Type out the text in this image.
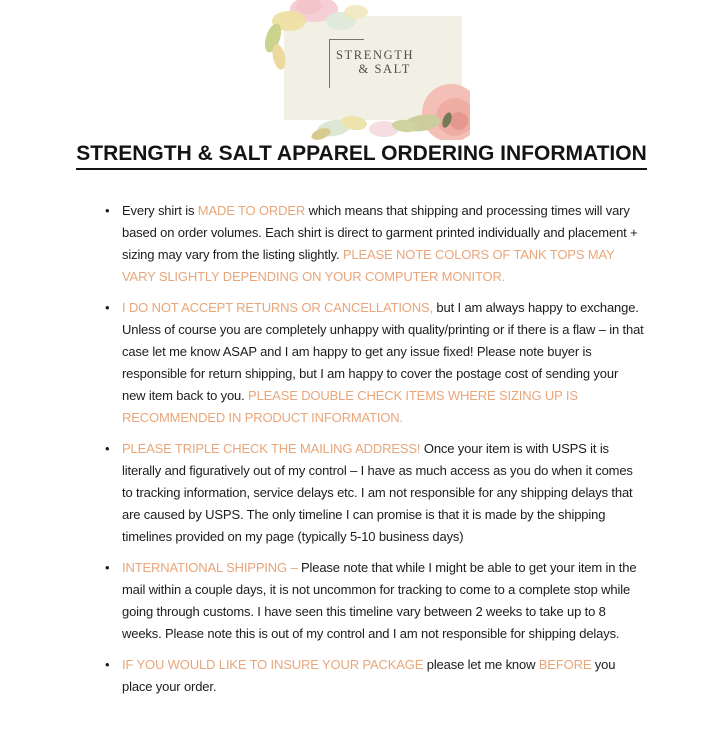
STRENGTH
& SALT
STRENGTH & SALT APPAREL ORDERING INFORMATION
• Every shirt is MADE TO ORDER which means that shipping and processing times will vary based on order volumes. Each shirt is direct to garment printed individually and placement + sizing may vary from the listing slightly. PLEASE NOTE COLORS OF TANK TOPS MAY VARY SLIGHTLY DEPENDING ON YOUR COMPUTER MONITOR.
• I DO NOT ACCEPT RETURNS OR CANCELLATIONS, but I am always happy to exchange. Unless of course you are completely unhappy with quality/printing or if there is a flaw – in that case let me know ASAP and I am happy to get any issue fixed! Please note buyer is responsible for return shipping, but I am happy to cover the postage cost of sending your new item back to you. PLEASE DOUBLE CHECK ITEMS WHERE SIZING UP IS RECOMMENDED IN PRODUCT INFORMATION.
• PLEASE TRIPLE CHECK THE MAILING ADDRESS! Once your item is with USPS it is literally and figuratively out of my control – I have as much access as you do when it comes to tracking information, service delays etc. I am not responsible for any shipping delays that are caused by USPS. The only timeline I can promise is that it is made by the shipping timelines provided on my page (typically 5-10 business days)
• INTERNATIONAL SHIPPING – Please note that while I might be able to get your item in the mail within a couple days, it is not uncommon for tracking to come to a complete stop while going through customs. I have seen this timeline vary between 2 weeks to take up to 8 weeks. Please note this is out of my control and I am not responsible for shipping delays.
• IF YOU WOULD LIKE TO INSURE YOUR PACKAGE please let me know BEFORE you place your order.
